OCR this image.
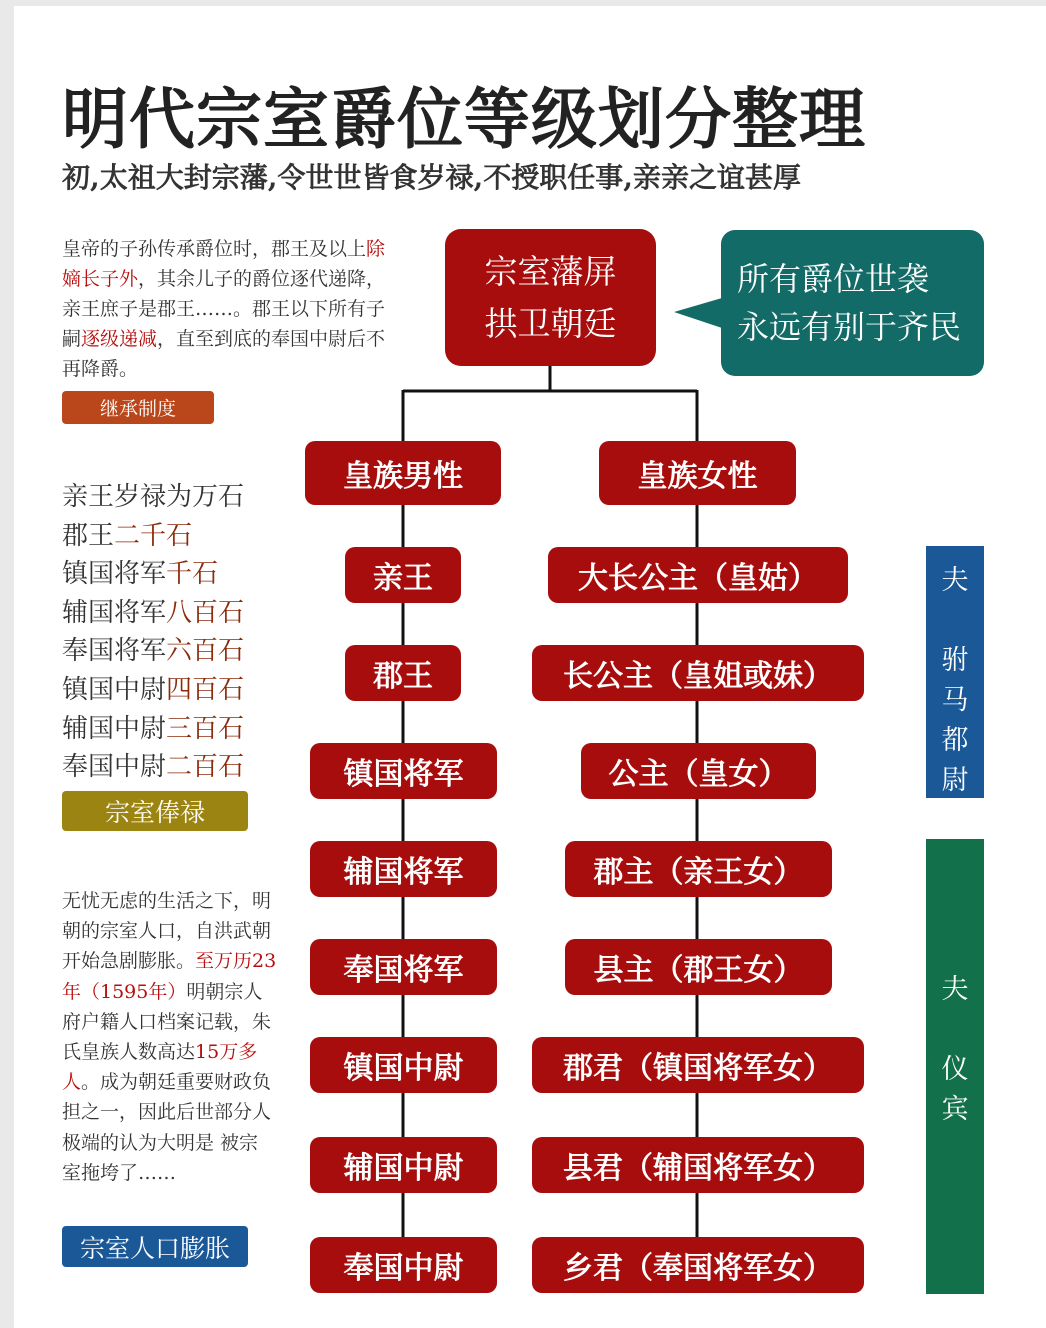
明代宗室爵位等级划分整理
初,太祖大封宗藩,令世世皆食岁禄,不授职任事,亲亲之谊甚厚
皇帝的子孙传承爵位时，郡王及以上除嫡长子外，其余儿子的爵位逐代递降，亲王庶子是郡王……。郡王以下所有子嗣逐级递减，直至到底的奉国中尉后不再降爵。
继承制度
亲王岁禄为万石
郡王二千石
镇国将军千石
辅国将军八百石
奉国将军六百石
镇国中尉四百石
辅国中尉三百石
奉国中尉二百石
宗室俸禄
无忧无虑的生活之下，明朝的宗室人口，自洪武朝开始急剧膨胀。至万历23年（1595年）明朝宗人府户籍人口档案记载，朱氏皇族人数高达15万多人。成为朝廷重要财政负担之一，因此后世部分人极端的认为大明是 被宗室拖垮了……
宗室人口膨胀
宗室藩屏
拱卫朝廷
所有爵位世袭
永远有别于齐民
皇族男性	皇族女性
亲王
郡王
镇国将军
辅国将军
奉国将军
镇国中尉
辅国中尉
奉国中尉
大长公主（皇姑）
长公主（皇姐或妹）
公主（皇女）
郡主（亲王女）
县主（郡王女）
郡君（镇国将军女）
县君（辅国将军女）
乡君（奉国将军女）
夫
驸
马
都
尉
夫
仪
宾
